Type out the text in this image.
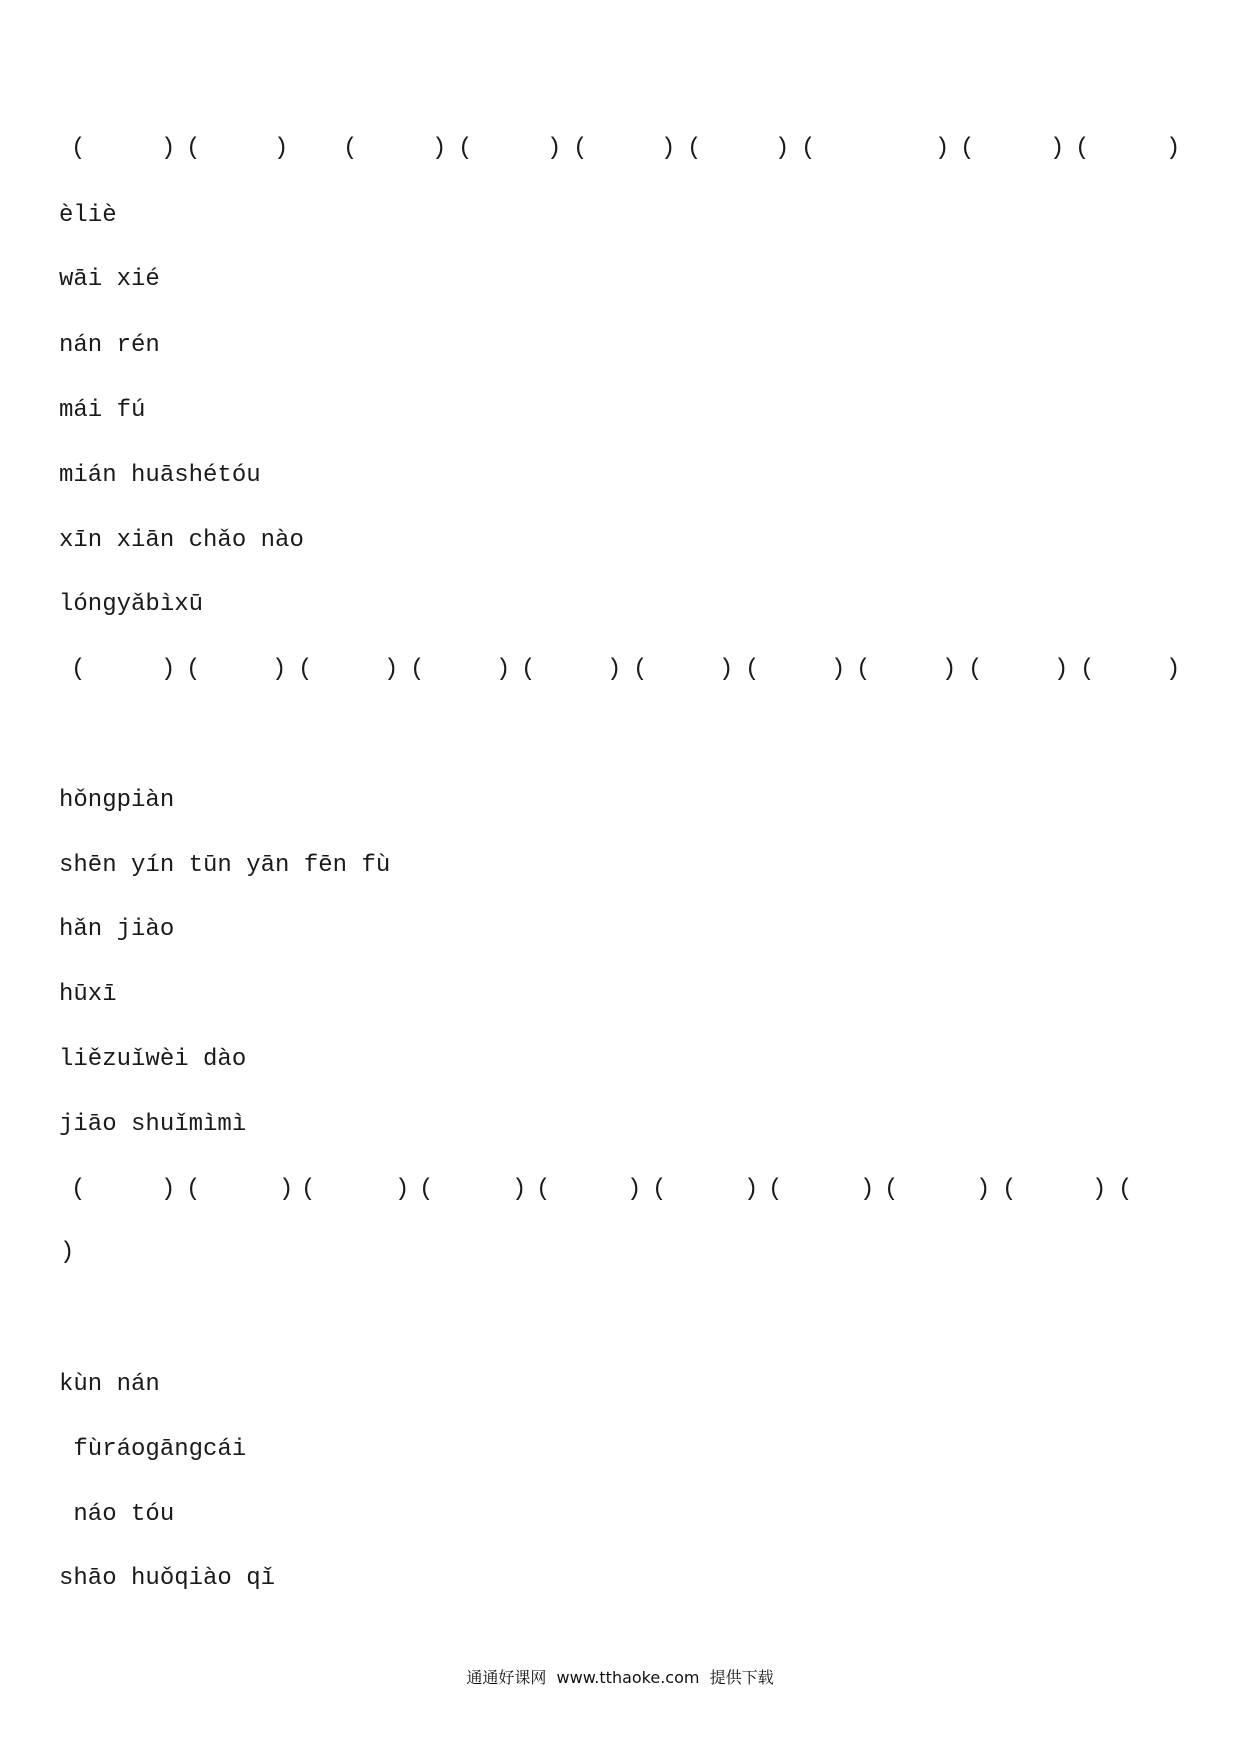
(	) (	) (	) (	) (	) (	) (	) (	) (	)
èliè
wāi xié
nán rén
mái fú
mián huāshétóu
xīn xiān chǎo nào
lóngyǎbìxū
(	) (	) (	) (	) (	) (	) (	) (	) (	) (	)
hǒngpiàn
shēn yín tūn yān fēn fù
hǎn jiào
hūxī
liězuǐwèi dào
jiāo shuǐmìmì
(	) (	) (	) (	) (	) (	) (	) (	) (	) (
)
kùn nán
fùráogāngcái
náo tóu
shāo huǒqiào qǐ
通通好课网  www.tthaoke.com  提供下载
